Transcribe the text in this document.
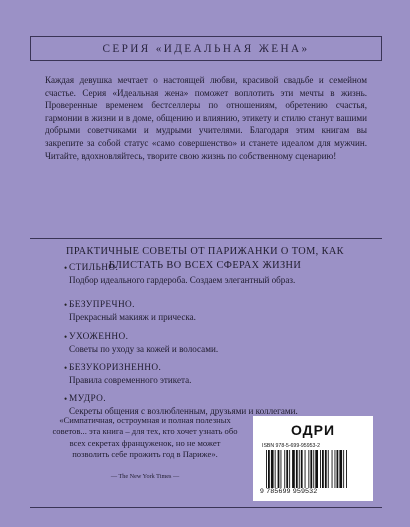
СЕРИЯ «ИДЕАЛЬНАЯ ЖЕНА»
Каждая девушка мечтает о настоящей любви, красивой свадьбе и семейном счастье. Серия «Идеальная жена» поможет воплотить эти мечты в жизнь. Проверенные временем бестселлеры по отношениям, обретению счастья, гармонии в жизни и в доме, общению и влиянию, этикету и стилю станут вашими добрыми советчиками и мудрыми учителями. Благодаря этим книгам вы закрепите за собой статус «само совершенство» и станете идеалом для мужчин. Читайте, вдохновляйтесь, творите свою жизнь по собственному сценарию!
ПРАКТИЧНЫЕ СОВЕТЫ ОТ ПАРИЖАНКИ О ТОМ, КАК БЛИСТАТЬ ВО ВСЕХ СФЕРАХ ЖИЗНИ
• СТИЛЬНО.
Подбор идеального гардероба. Создаем элегантный образ.
• БЕЗУПРЕЧНО.
Прекрасный макияж и прическа.
• УХОЖЕННО.
Советы по уходу за кожей и волосами.
• БЕЗУКОРИЗНЕННО.
Правила современного этикета.
• МУДРО.
Секреты общения с возлюбленным, друзьями и коллегами.
«Симпатичная, остроумная и полная полезных советов... эта книга – для тех, кто хочет узнать обо всех секретах француженок, но не может позволить себе прожить год в Париже».
— The New York Times —
ОДРИ
ISBN 978-5-699-95953-2
9 785699 959532
